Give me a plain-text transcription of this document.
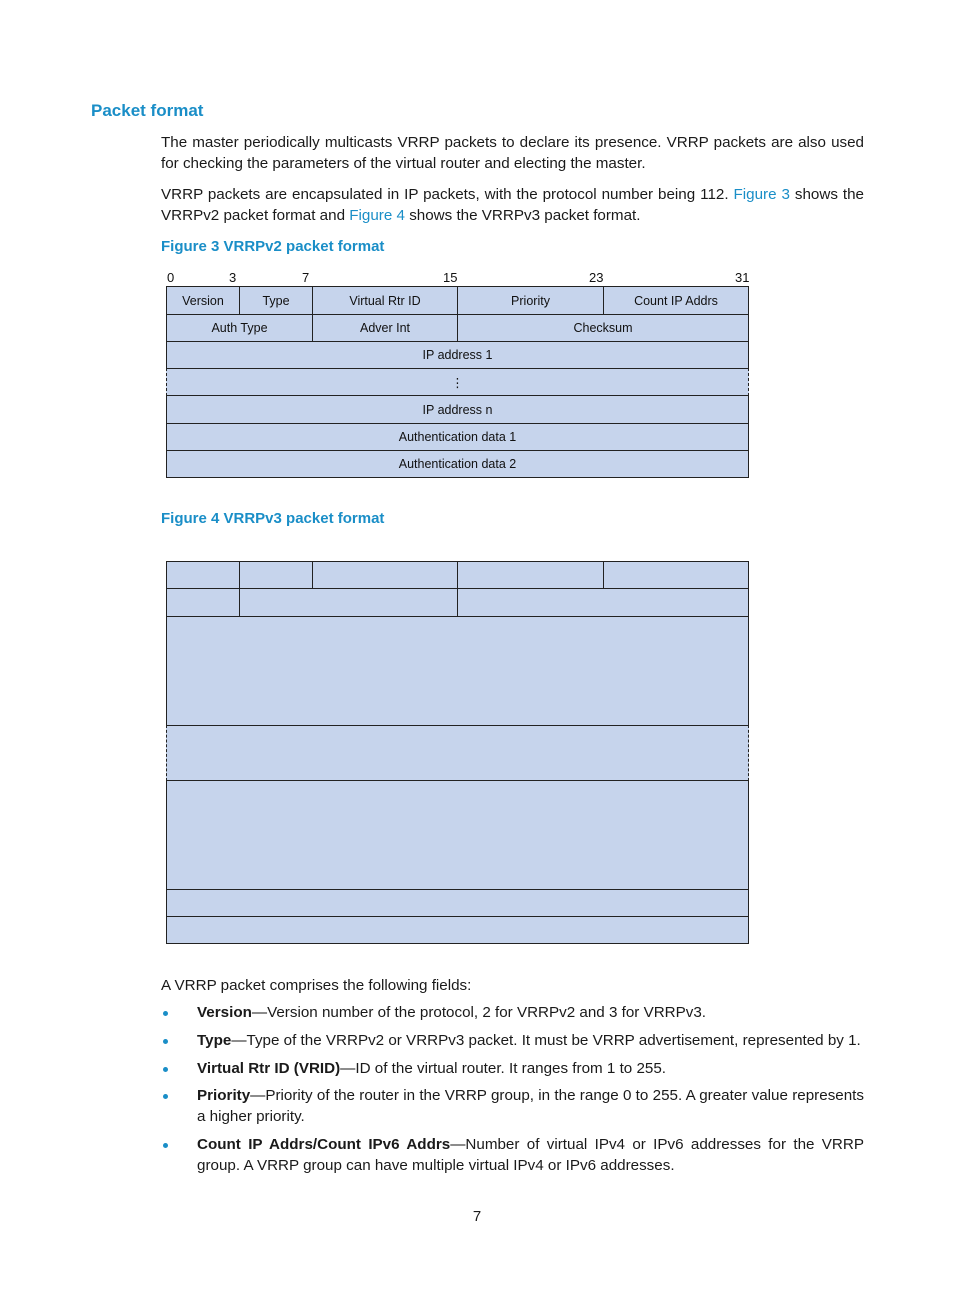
Packet format
The master periodically multicasts VRRP packets to declare its presence. VRRP packets are also used for checking the parameters of the virtual router and electing the master.
VRRP packets are encapsulated in IP packets, with the protocol number being 112. Figure 3 shows the VRRPv2 packet format and Figure 4 shows the VRRPv3 packet format.
Figure 3 VRRPv2 packet format
0	3	7	15	23	31
Version	Type	Virtual Rtr ID	Priority	Count IP Addrs
Auth Type	Adver Int	Checksum
IP address 1
⋮
IP address n
Authentication data 1
Authentication data 2
Figure 4 VRRPv3 packet format
A VRRP packet comprises the following fields:
Version—Version number of the protocol, 2 for VRRPv2 and 3 for VRRPv3.
Type—Type of the VRRPv2 or VRRPv3 packet. It must be VRRP advertisement, represented by 1.
Virtual Rtr ID (VRID)—ID of the virtual router. It ranges from 1 to 255.
Priority—Priority of the router in the VRRP group, in the range 0 to 255. A greater value represents a higher priority.
Count IP Addrs/Count IPv6 Addrs—Number of virtual IPv4 or IPv6 addresses for the VRRP group. A VRRP group can have multiple virtual IPv4 or IPv6 addresses.
7
